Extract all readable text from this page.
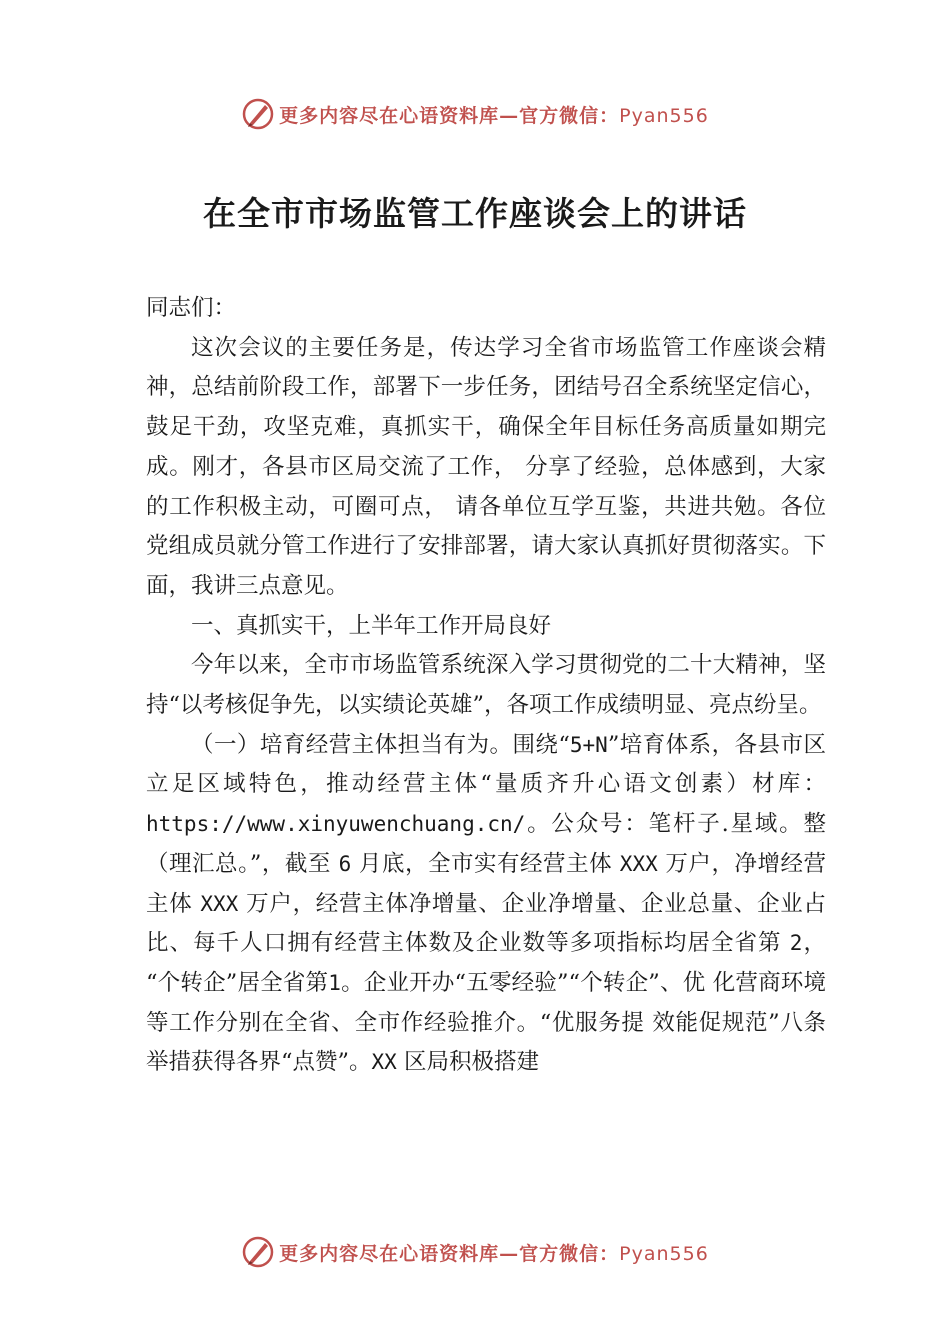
更多内容尽在心语资料库—官方微信：Pyan556
在全市市场监管工作座谈会上的讲话

同志们：

这次会议的主要任务是，传达学习全省市场监管工作座谈会精神，总结前阶段工作，部署下一步任务，团结号召全系统坚定信心，鼓足干劲，攻坚克难，真抓实干，确保全年目标任务高质量如期完成。刚才，各县市区局交流了工作， 分享了经验，总体感到，大家的工作积极主动，可圈可点， 请各单位互学互鉴，共进共勉。各位党组成员就分管工作进行了安排部署，请大家认真抓好贯彻落实。下面，我讲三点意见。

一、真抓实干，上半年工作开局良好

今年以来，全市市场监管系统深入学习贯彻党的二十大精神，坚持“以考核促争先，以实绩论英雄”，各项工作成绩明显、亮点纷呈。

（一）培育经营主体担当有为。围绕“5+N”培育体系，各县市区立足区域特色，推动经营主体“量质齐升心语文创素）材库：https://www.xinyuwenchuang.cn/。公众号：笔杆子.星域。整（理汇总。”，截至 6 月底，全市实有经营主体 XXX 万户，净增经营主体 XXX 万户，经营主体净增量、企业净增量、企业总量、企业占比、每千人口拥有经营主体数及企业数等多项指标均居全省第 2， “个转企”居全省第1。企业开办“五零经验”“个转企”、优 化营商环境等工作分别在全省、全市作经验推介。“优服务提 效能促规范”八条举措获得各界“点赞”。XX 区局积极搭建

更多内容尽在心语资料库—官方微信：Pyan556
